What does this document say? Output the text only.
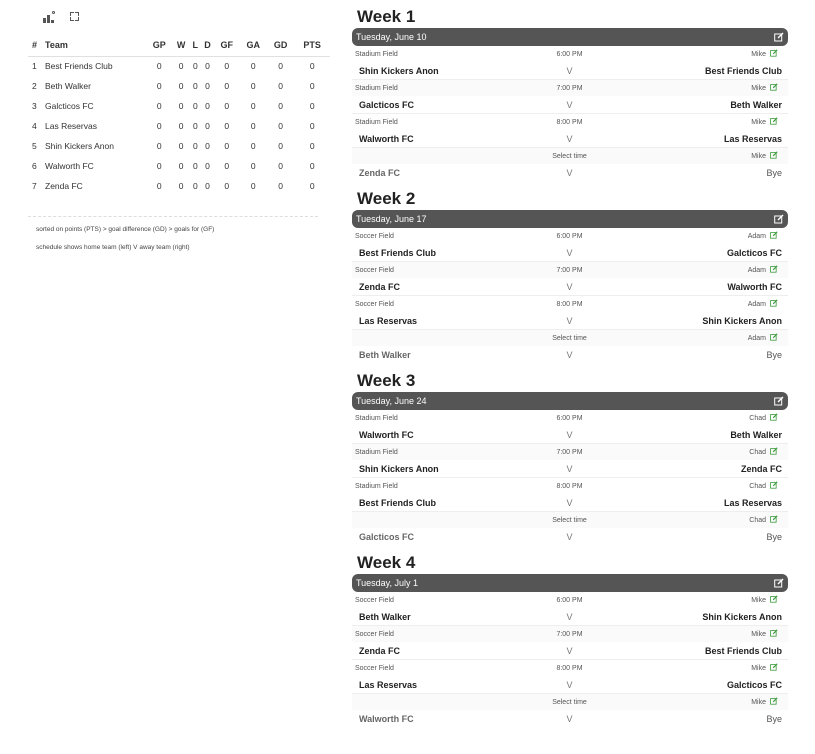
#	Team	GP	W	L	D	GF	GA	GD	PTS
1	Best Friends Club	0	0	0	0	0	0	0	0
2	Beth Walker	0	0	0	0	0	0	0	0
3	Galcticos FC	0	0	0	0	0	0	0	0
4	Las Reservas	0	0	0	0	0	0	0	0
5	Shin Kickers Anon	0	0	0	0	0	0	0	0
6	Walworth FC	0	0	0	0	0	0	0	0
7	Zenda FC	0	0	0	0	0	0	0	0
sorted on points (PTS) > goal difference (GD) > goals for (GF)
schedule shows home team (left) V away team (right)
Week 1
Tuesday, June 10
Stadium Field	6:00 PM	Mike
Shin Kickers Anon	V	Best Friends Club
Stadium Field	7:00 PM	Mike
Galcticos FC	V	Beth Walker
Stadium Field	8:00 PM	Mike
Walworth FC	V	Las Reservas
Select time	Mike
Zenda FC	V	Bye
Week 2
Tuesday, June 17
Soccer Field	6:00 PM	Adam
Best Friends Club	V	Galcticos FC
Soccer Field	7:00 PM	Adam
Zenda FC	V	Walworth FC
Soccer Field	8:00 PM	Adam
Las Reservas	V	Shin Kickers Anon
Select time	Adam
Beth Walker	V	Bye
Week 3
Tuesday, June 24
Stadium Field	6:00 PM	Chad
Walworth FC	V	Beth Walker
Stadium Field	7:00 PM	Chad
Shin Kickers Anon	V	Zenda FC
Stadium Field	8:00 PM	Chad
Best Friends Club	V	Las Reservas
Select time	Chad
Galcticos FC	V	Bye
Week 4
Tuesday, July 1
Soccer Field	6:00 PM	Mike
Beth Walker	V	Shin Kickers Anon
Soccer Field	7:00 PM	Mike
Zenda FC	V	Best Friends Club
Soccer Field	8:00 PM	Mike
Las Reservas	V	Galcticos FC
Select time	Mike
Walworth FC	V	Bye
